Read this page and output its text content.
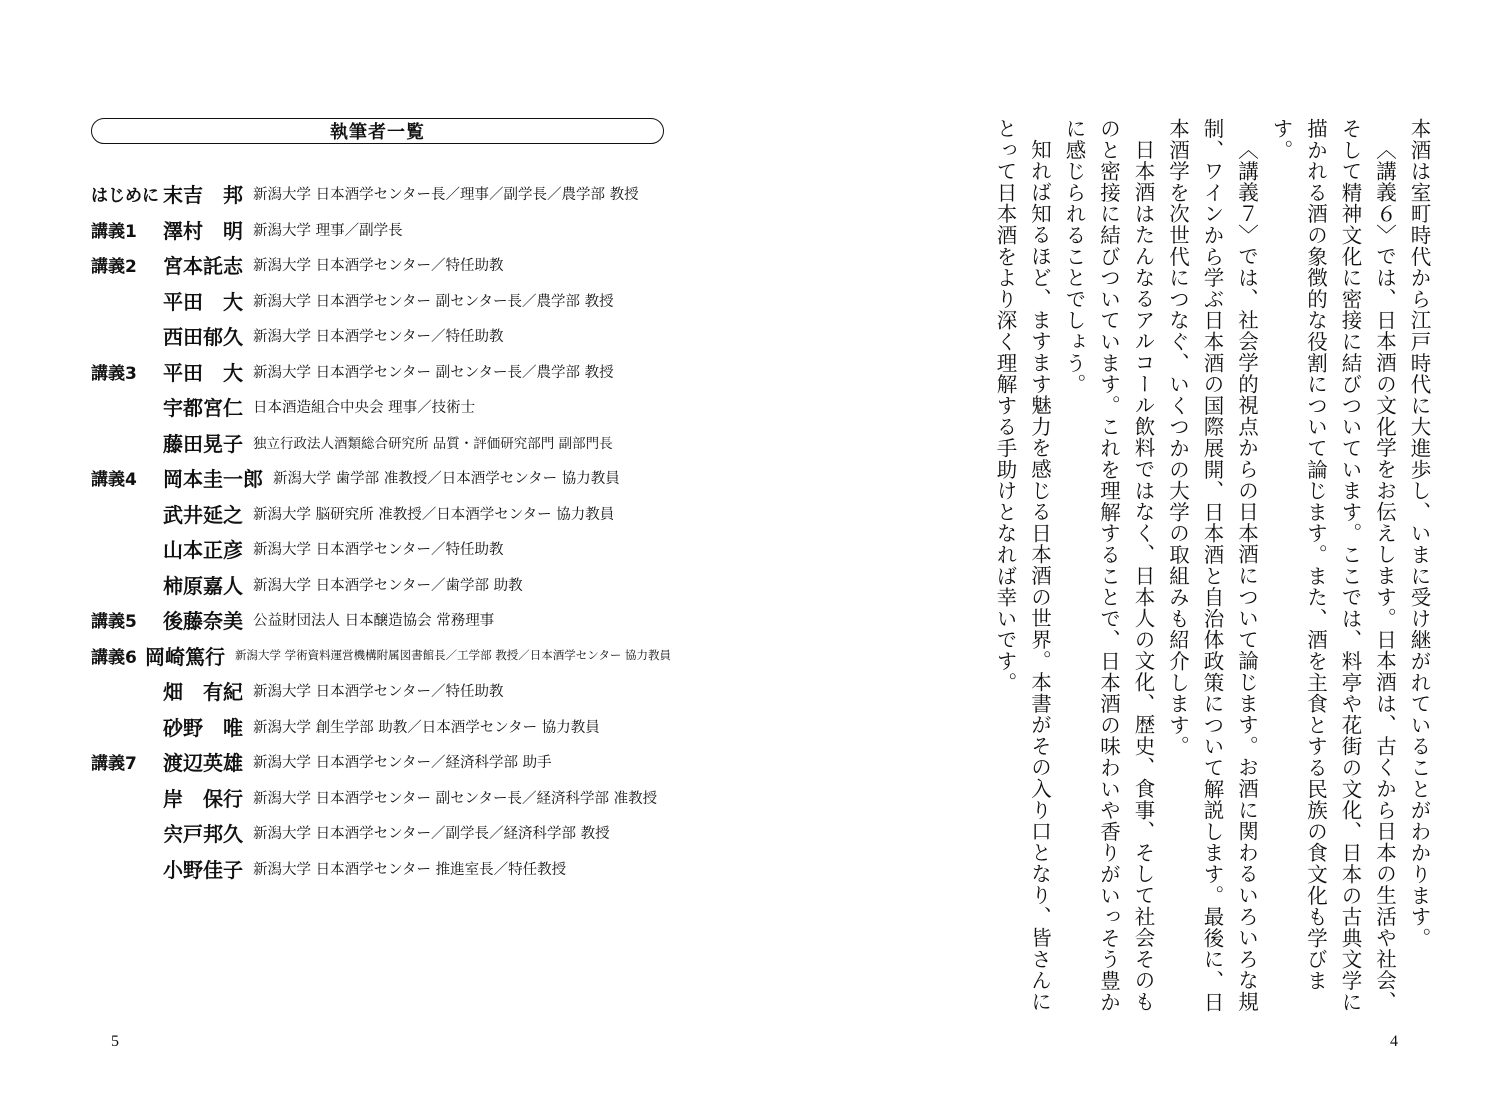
執筆者一覧
はじめに 末吉　邦 新潟大学 日本酒学センター長／理事／副学長／農学部 教授
講義1	澤村　明 新潟大学 理事／副学長
講義2	宮本託志 新潟大学 日本酒学センター／特任助教
平田　大 新潟大学 日本酒学センター 副センター長／農学部 教授
西田郁久 新潟大学 日本酒学センター／特任助教
講義3	平田　大 新潟大学 日本酒学センター 副センター長／農学部 教授
宇都宮仁 日本酒造組合中央会 理事／技術士
藤田晃子 独立行政法人酒類総合研究所 品質・評価研究部門 副部門長
講義4	岡本圭一郎 新潟大学 歯学部 准教授／日本酒学センター 協力教員
武井延之 新潟大学 脳研究所 准教授／日本酒学センター 協力教員
山本正彦 新潟大学 日本酒学センター／特任助教
柿原嘉人 新潟大学 日本酒学センター／歯学部 助教
講義5	後藤奈美 公益財団法人 日本醸造協会 常務理事
講義6 岡崎篤行 新潟大学 学術資料運営機構附属図書館長／工学部 教授／日本酒学センター 協力教員
畑　有紀 新潟大学 日本酒学センター／特任助教
砂野　唯 新潟大学 創生学部 助教／日本酒学センター 協力教員
講義7	渡辺英雄 新潟大学 日本酒学センター／経済科学部 助手
岸　保行 新潟大学 日本酒学センター 副センター長／経済科学部 准教授
宍戸邦久 新潟大学 日本酒学センター／副学長／経済科学部 教授
小野佳子 新潟大学 日本酒学センター 推進室長／特任教授
5

本酒は室町時代から江戸時代に大進歩し、いまに受け継がれていることがわかります。

〈講義６〉では、日本酒の文化学をお伝えします。日本酒は、古くから日本の生活や社会、そして精神文化に密接に結びついています。ここでは、料亭や花街の文化、日本の古典文学に描かれる酒の象徴的な役割について論じます。また、酒を主食とする民族の食文化も学びます。

〈講義７〉では、社会学的視点からの日本酒について論じます。お酒に関わるいろいろな規制、ワインから学ぶ日本酒の国際展開、日本酒と自治体政策について解説します。最後に、日本酒学を次世代につなぐ、いくつかの大学の取組みも紹介します。

日本酒はたんなるアルコール飲料ではなく、日本人の文化、歴史、食事、そして社会そのものと密接に結びついています。これを理解することで、日本酒の味わいや香りがいっそう豊かに感じられることでしょう。

知れば知るほど、ますます魅力を感じる日本酒の世界。本書がその入り口となり、皆さんにとって日本酒をより深く理解する手助けとなれば幸いです。

4
